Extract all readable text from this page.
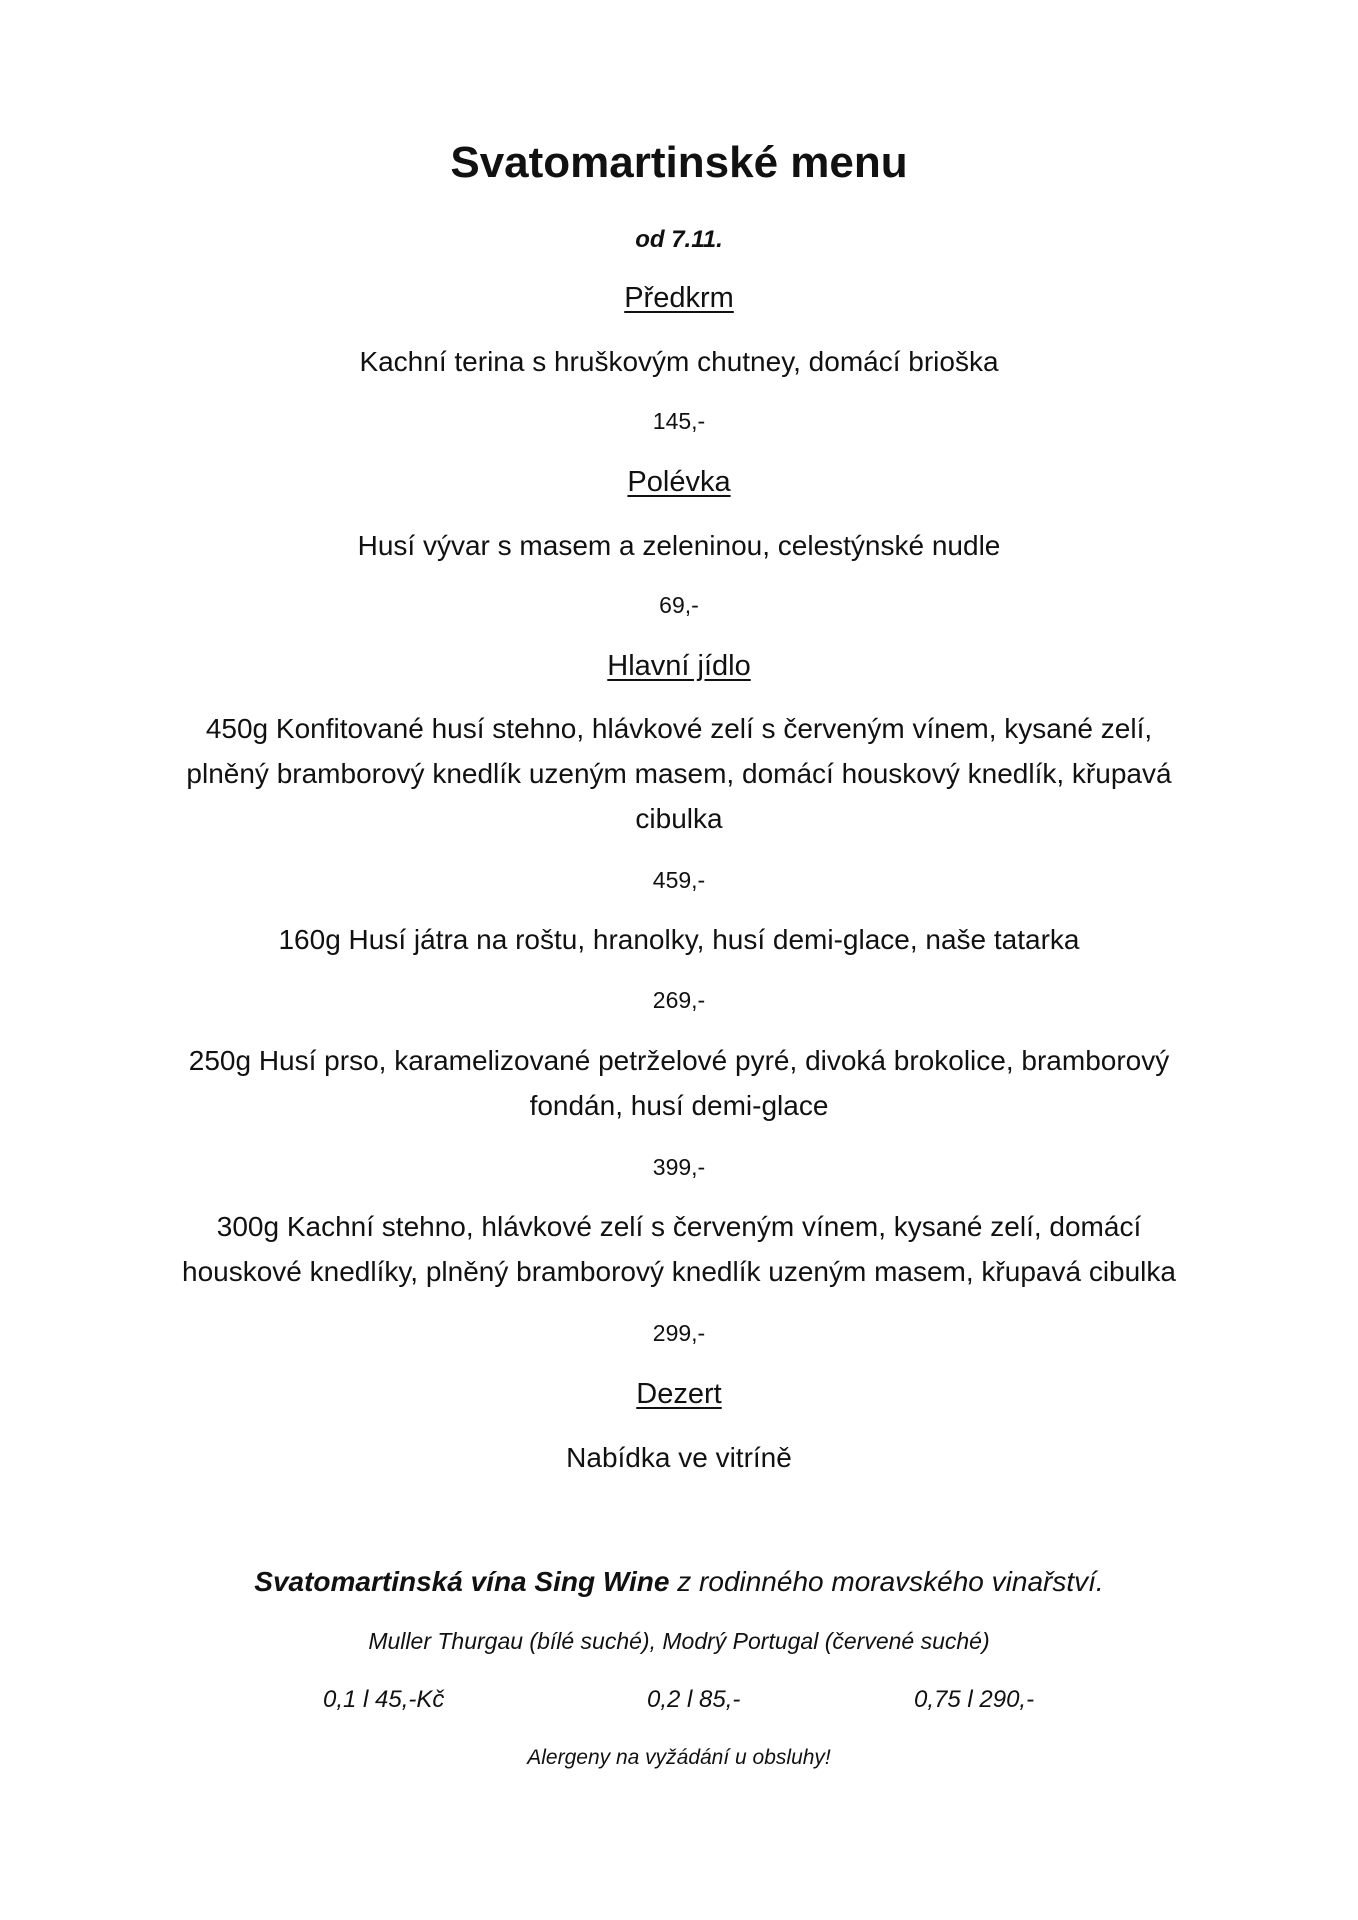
Svatomartinské menu
od 7.11.
Předkrm
Kachní terina s hruškovým chutney, domácí brioška
145,-
Polévka
Husí vývar s masem a zeleninou, celestýnské nudle
69,-
Hlavní jídlo
450g Konfitované husí stehno, hlávkové zelí s červeným vínem, kysané zelí,
plněný bramborový knedlík uzeným masem, domácí houskový knedlík, křupavá
cibulka
459,-
160g Husí játra na roštu, hranolky, husí demi-glace, naše tatarka
269,-
250g Husí prso, karamelizované petrželové pyré, divoká brokolice, bramborový
fondán, husí demi-glace
399,-
300g Kachní stehno, hlávkové zelí s červeným vínem, kysané zelí, domácí
houskové knedlíky, plněný bramborový knedlík uzeným masem, křupavá cibulka
299,-
Dezert
Nabídka ve vitríně
Svatomartinská vína Sing Wine z rodinného moravského vinařství.
Muller Thurgau (bílé suché), Modrý Portugal (červené suché)
0,1 l 45,-Kč	0,2 l 85,-	0,75 l 290,-
Alergeny na vyžádání u obsluhy!
